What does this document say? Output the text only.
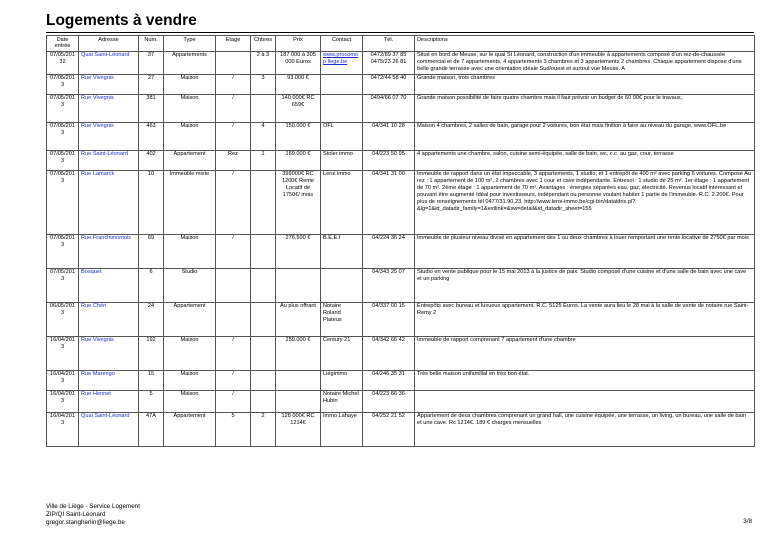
Logements à vendre
Date entrée	Adresse	Num.	Type	Etage	Chbres	Prix	Contact	Tél.	Descriptions
07/05/20132	Quai Saint-Léonard	37	Appartements		2 à 3	187 000 à 305 000 Euros	www.procomop liege.be	0472/89 37 85 0475/23 26 81	Situé en bord de Meuse, sur le quai St Léonard, construction d'un immeuble à appartements composé d'un rez-de-chaussée commercial et de 7 appartements, 4 appartements 3 chambres et 3 appartements 2 chambres. Chaque appartement dispose d'une belle grande terrasse avec une orientation idéale Sud/ouest et surtout vue Meuse. A
07/05/2013	Rue Vivegnis	27	Maison	/	3	93.000 €		0472/44 58 40	Grande maison, trois chambres
07/05/2013	Rue Vivegnis	381	Maison	/		140 000€ RC 659€		0494/66 07 70	Grande maison possibilité de faire quatre chambre mais il faut prévoir un budget de 60 00€ pour le travaux,
07/05/2013	Rue Vivegnis	463	Maison	/	4	150.000 €	OFL	04/341 10 28	Maison 4 chambres, 2 salles de bain, garage pour 2 voitures, bon état mais finition à faire au niveau du garage. www.OFL.be
07/05/2013	Rue Saint-Léonard	402	Appartement	Rez	1	169.000 €	Stoler immo	04/223 50 95	4 appartements une chambre, salon, cuisine semi-équipée, salle de bain, wc, c.c. au gaz, cour, terrasse
07/05/2013	Rue Lamarck	10	Immeuble mixte	/		399000€ RC 1200€ Rente Locatif de 1750€/ mois	Leroi immo	04/341 31 00	Immeuble de rapport dans un état impeccable, 3 appartements, 1 studio, et 1 entrepôt de 400 m² avec parking 6 voitures. Composé Au rez : 1 appartement de 100 m², 2 chambres avec 1 cour et cave indépendante. Entresol : 1 studio de 25 m². 1er étage : 1 appartement de 70 m². 2ème étage : 1 appartement de 70 m². Avantages : énergies séparées eau, gaz, électricité. Revenus locatif intéressant et pouvant être augmenté Idéal pour investisseurs, indépendant ou personne voulant habiter 1 partie de l'immeuble. R.C. 2.200€. Pour plus de renseignements tél 0477/31.90.23. http://www.leroi-immo.be/cgi-bin/dataidris.pl?&lg=1&id_datadir_family=1&extlink=&sw=detail&id_datadir_sheet=155
07/05/2013	Rue Franchimontois	69	Maison	/		276.500 €	B.E.E.I	04/224 36 24	Immeuble de plusieur niveau divisé en appartement des 1 ou deux chambres à louer remportant une rente locative de 2750€ par mois
07/05/2013	Bosquet	6	Studio					04/343 25 07	Studio en vente publique pour le 15 mai 2013 à la justice de paix. Studio composé d'une cuisine et d'une salle de bain avec une cave et un parking
06/05/2013	Rue Chéri	24	Appartement			Au plus offrant	Notaire Roland Plateus	04/337 00 15	Entrepôts avec bureau et luxueux appartement. R.C. 5125 Euros. La vente aura lieu le 28 mai à la salle de vente de notaire rue Saint-Remy 2
16/04/2013	Rue Vivegnis	192	Maison	/		259.000 €	Century 21	04/342 66 42	Immeuble de rapport comprenant 7 appartement d'une chambre
16/04/2013	Rue Marengo	15	Maison	/			Liégimmo	04/246 35 31	Très belle maison unifamilial en très bon état.
16/04/2013	Rue Hennet	5	Maison	/			Notaire Michel Hubin	04/223 66 36	
16/04/2013	Quai Saint-Léonard	47A	Appartement	5	2	128 000€ RC 1214€	Immo Lahaye	04/252 21 52	Appartement de deux chambres comprenant un grand hall, une cuisine équipée, une terrasse, un living, un bureau, une salle de bain et une cave. Rc 1214€. 189 € charges mensuelles
Ville de Liège - Service Logement
ZIP/QI Saint-Léonard
gregor.stangherlin@liege.be	3/8
